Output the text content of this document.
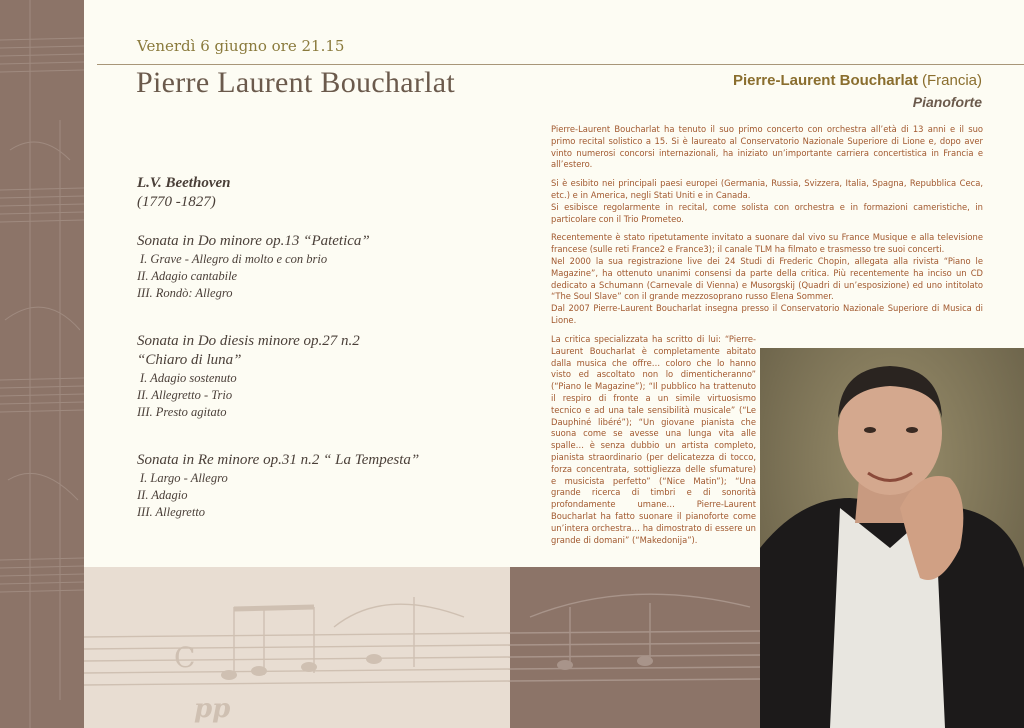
pp
C
Venerdì 6 giugno ore 21.15
Pierre Laurent Boucharlat	Pierre-Laurent Boucharlat (Francia)
Pianoforte
L.V. Beethoven
(1770 -1827)
Sonata in Do minore op.13 “Patetica”
I. Grave - Allegro di molto e con brio
II. Adagio cantabile
III. Rondò: Allegro
Sonata in Do diesis minore op.27 n.2
“Chiaro di luna”
I. Adagio sostenuto
II. Allegretto - Trio
III. Presto agitato
Sonata in Re minore op.31 n.2 “ La Tempesta”
I. Largo - Allegro
II. Adagio
III. Allegretto

Pierre-Laurent Boucharlat ha tenuto il suo primo concerto con orchestra all’età di 13 anni e il suo primo recital solistico a 15. Si è laureato al Conservatorio Nazionale Superiore di Lione e, dopo aver vinto numerosi concorsi internazionali, ha iniziato un’importante carriera concertistica in Francia e all’estero.

Si è esibito nei principali paesi europei (Germania, Russia, Svizzera, Italia, Spagna, Repubblica Ceca, etc.) e in America, negli Stati Uniti e in Canada.

Si esibisce regolarmente in recital, come solista con orchestra e in formazioni cameristiche, in particolare con il Trio Prometeo.

Recentemente è stato ripetutamente invitato a suonare dal vivo su France Musique e alla televisione francese (sulle reti France2 e France3); il canale TLM ha filmato e trasmesso tre suoi concerti.

Nel 2000 la sua registrazione live dei 24 Studi di Frederic Chopin, allegata alla rivista “Piano le Magazine”, ha ottenuto unanimi consensi da parte della critica. Più recentemente ha inciso un CD dedicato a Schumann (Carnevale di Vienna) e Musorgskij (Quadri di un’esposizione) ed uno intitolato “The Soul Slave” con il grande mezzosoprano russo Elena Sommer.

Dal 2007 Pierre-Laurent Boucharlat insegna presso il Conservatorio Nazionale Superiore di Musica di Lione.

La critica specializzata ha scritto di lui: “Pierre-Laurent Boucharlat è completamente abitato dalla musica che offre… coloro che lo hanno visto ed ascoltato non lo dimenticheranno” (“Piano le Magazine”); “Il pubblico ha trattenuto il respiro di fronte a un simile virtuosismo tecnico e ad una tale sensibilità musicale” (“Le Dauphiné libéré”); “Un giovane pianista che suona come se avesse una lunga vita alle spalle… è senza dubbio un artista completo, pianista straordinario (per delicatezza di tocco, forza concentrata, sottigliezza delle sfumature) e musicista perfetto” (“Nice Matin”); “Una grande ricerca di timbri e di sonorità profondamente umane… Pierre-Laurent Boucharlat ha fatto suonare il pianoforte come un’intera orchestra… ha dimostrato di essere un grande di domani” (“Makedonija”).
